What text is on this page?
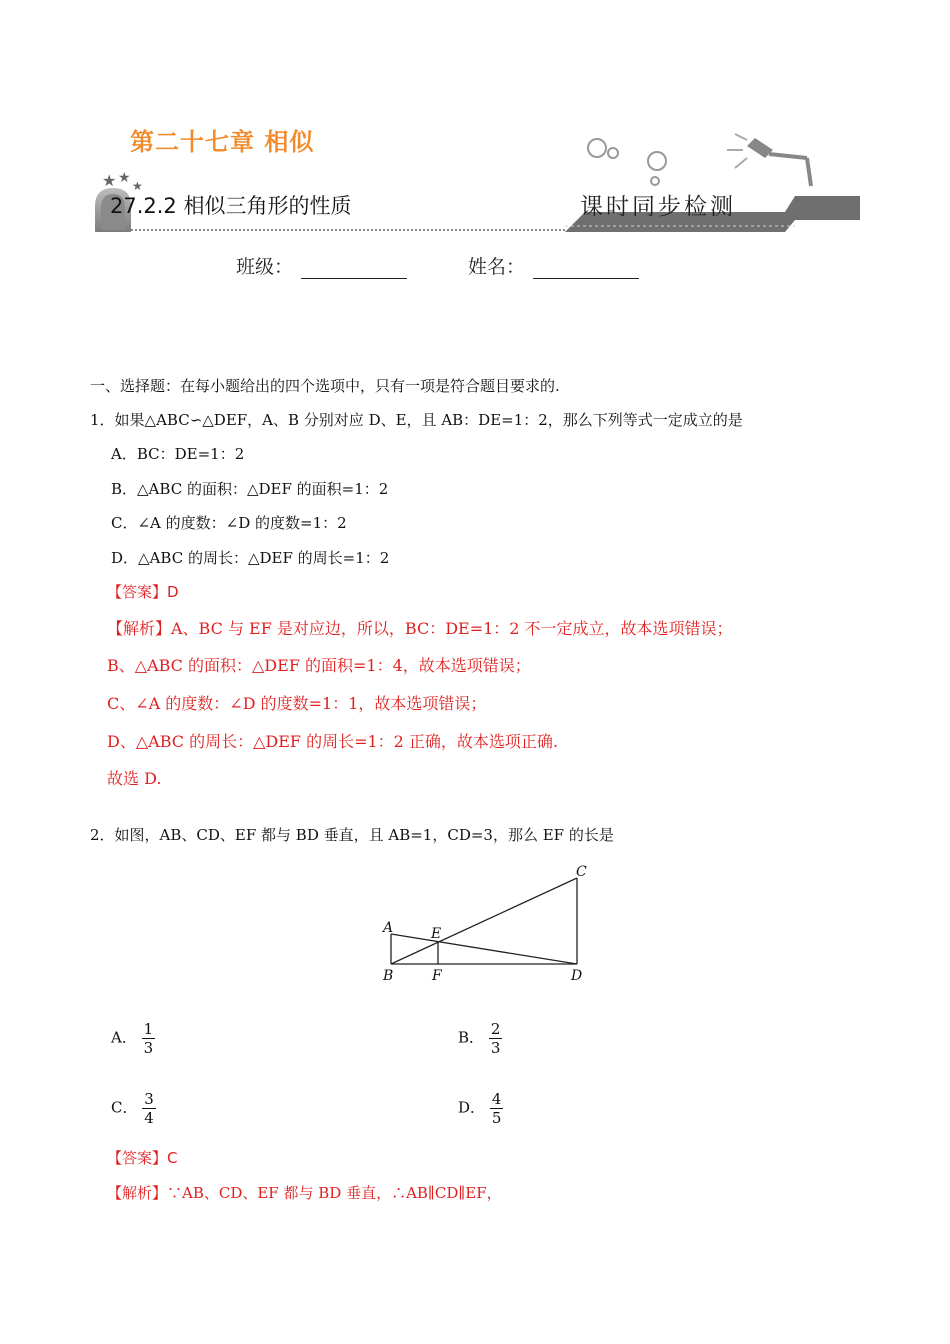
第二十七章 相似
★ ★ ★
27.2.2 相似三角形的性质	课时同步检测
班级：	姓名：
一、选择题：在每小题给出的四个选项中，只有一项是符合题目要求的.
1．如果△ABC∽△DEF，A、B 分别对应 D、E，且 AB：DE=1：2，那么下列等式一定成立的是
A．BC：DE=1：2
B．△ABC 的面积：△DEF 的面积=1：2
C．∠A 的度数：∠D 的度数=1：2
D．△ABC 的周长：△DEF 的周长=1：2
【答案】D
【解析】A、BC 与 EF 是对应边，所以，BC：DE=1：2 不一定成立，故本选项错误；
B、△ABC 的面积：△DEF 的面积=1：4，故本选项错误；
C、∠A 的度数：∠D 的度数=1：1，故本选项错误；
D、△ABC 的周长：△DEF 的周长=1：2 正确，故本选项正确.
故选 D.
2．如图，AB、CD、EF 都与 BD 垂直，且 AB=1，CD=3，那么 EF 的长是
A
B
C
D
E
F
A． $\frac{1}{3}$	B． $\frac{2}{3}$
C． $\frac{3}{4}$	D． $\frac{4}{5}$
【答案】C
【解析】∵AB、CD、EF 都与 BD 垂直，∴AB∥CD∥EF，
